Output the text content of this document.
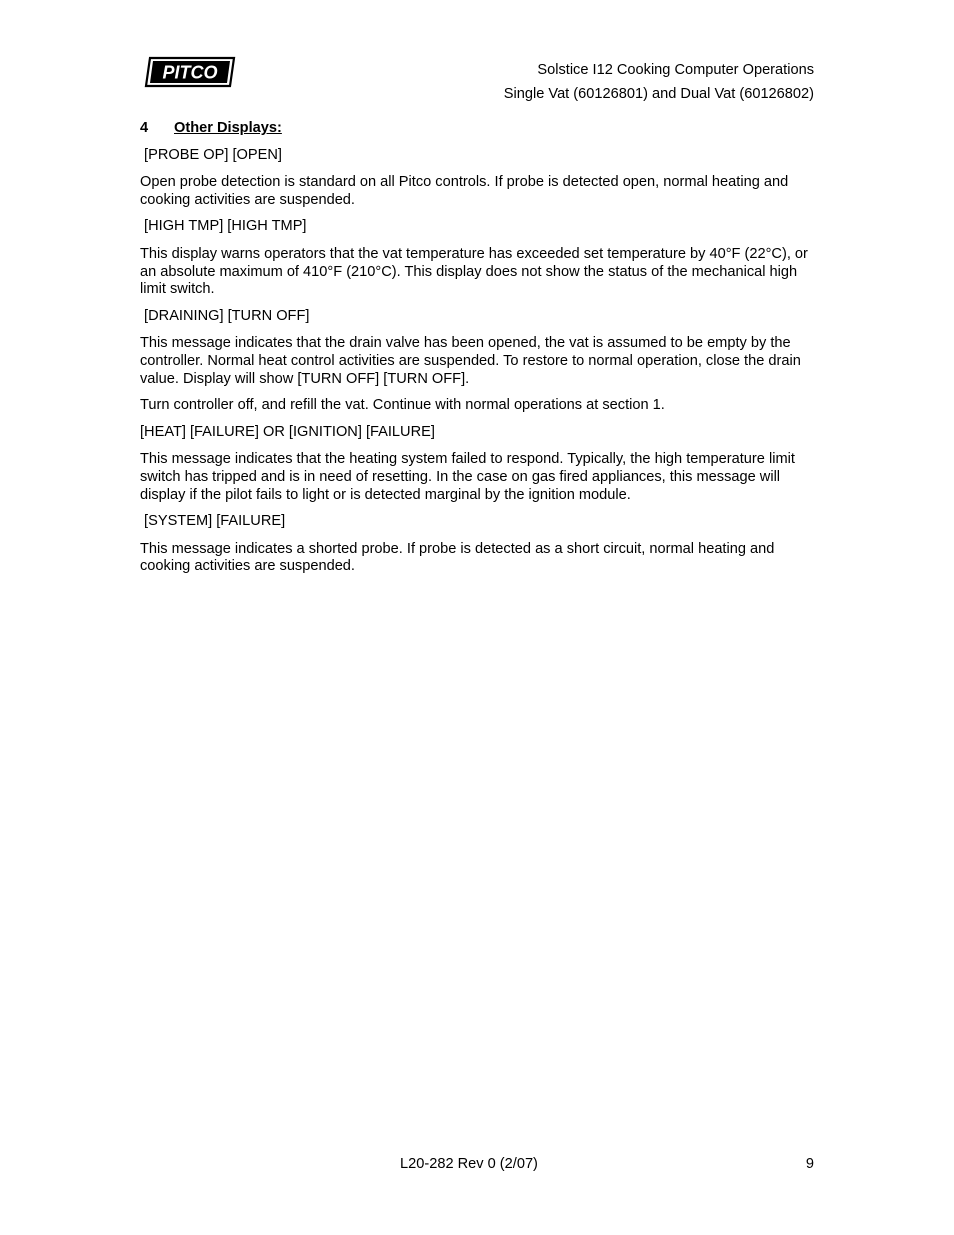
PITCO	Solstice I12 Cooking Computer Operations
Single Vat (60126801) and Dual Vat (60126802)
4 Other Displays:
[PROBE OP] [OPEN]

Open probe detection is standard on all Pitco controls. If probe is detected open, normal heating and cooking activities are suspended.

[HIGH TMP] [HIGH TMP]

This display warns operators that the vat temperature has exceeded set temperature by 40°F (22°C), or an absolute maximum of 410°F (210°C). This display does not show the status of the mechanical high limit switch.

[DRAINING] [TURN OFF]

This message indicates that the drain valve has been opened, the vat is assumed to be empty by the controller. Normal heat control activities are suspended. To restore to normal operation, close the drain value. Display will show [TURN OFF] [TURN OFF].

Turn controller off, and refill the vat. Continue with normal operations at section 1.

[HEAT] [FAILURE] OR [IGNITION] [FAILURE]

This message indicates that the heating system failed to respond. Typically, the high temperature limit switch has tripped and is in need of resetting. In the case on gas fired appliances, this message will display if the pilot fails to light or is detected marginal by the ignition module.

[SYSTEM] [FAILURE]

This message indicates a shorted probe. If probe is detected as a short circuit, normal heating and cooking activities are suspended.

L20-282 Rev 0 (2/07)	9
